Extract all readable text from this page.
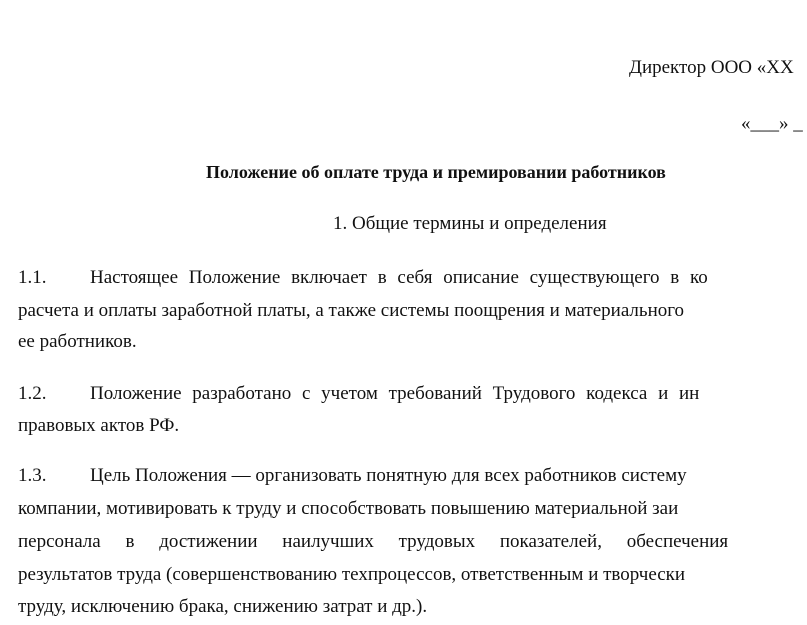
Директор ООО «ХХ
«___» _
Положение об оплате труда и премировании работников
1. Общие термины и определения
1.1. Настоящее Положение включает в себя описание существующего в ко
расчета и оплаты заработной платы, а также системы поощрения и материального
ее работников.
1.2. Положение разработано с учетом требований Трудового кодекса и ин
правовых актов РФ.
1.3. Цель Положения — организовать понятную для всех работников систему
компании, мотивировать к труду и способствовать повышению материальной заи
персонала в достижении наилучших трудовых показателей, обеспечения
результатов труда (совершенствованию техпроцессов, ответственным и творчески
труду, исключению брака, снижению затрат и др.).
